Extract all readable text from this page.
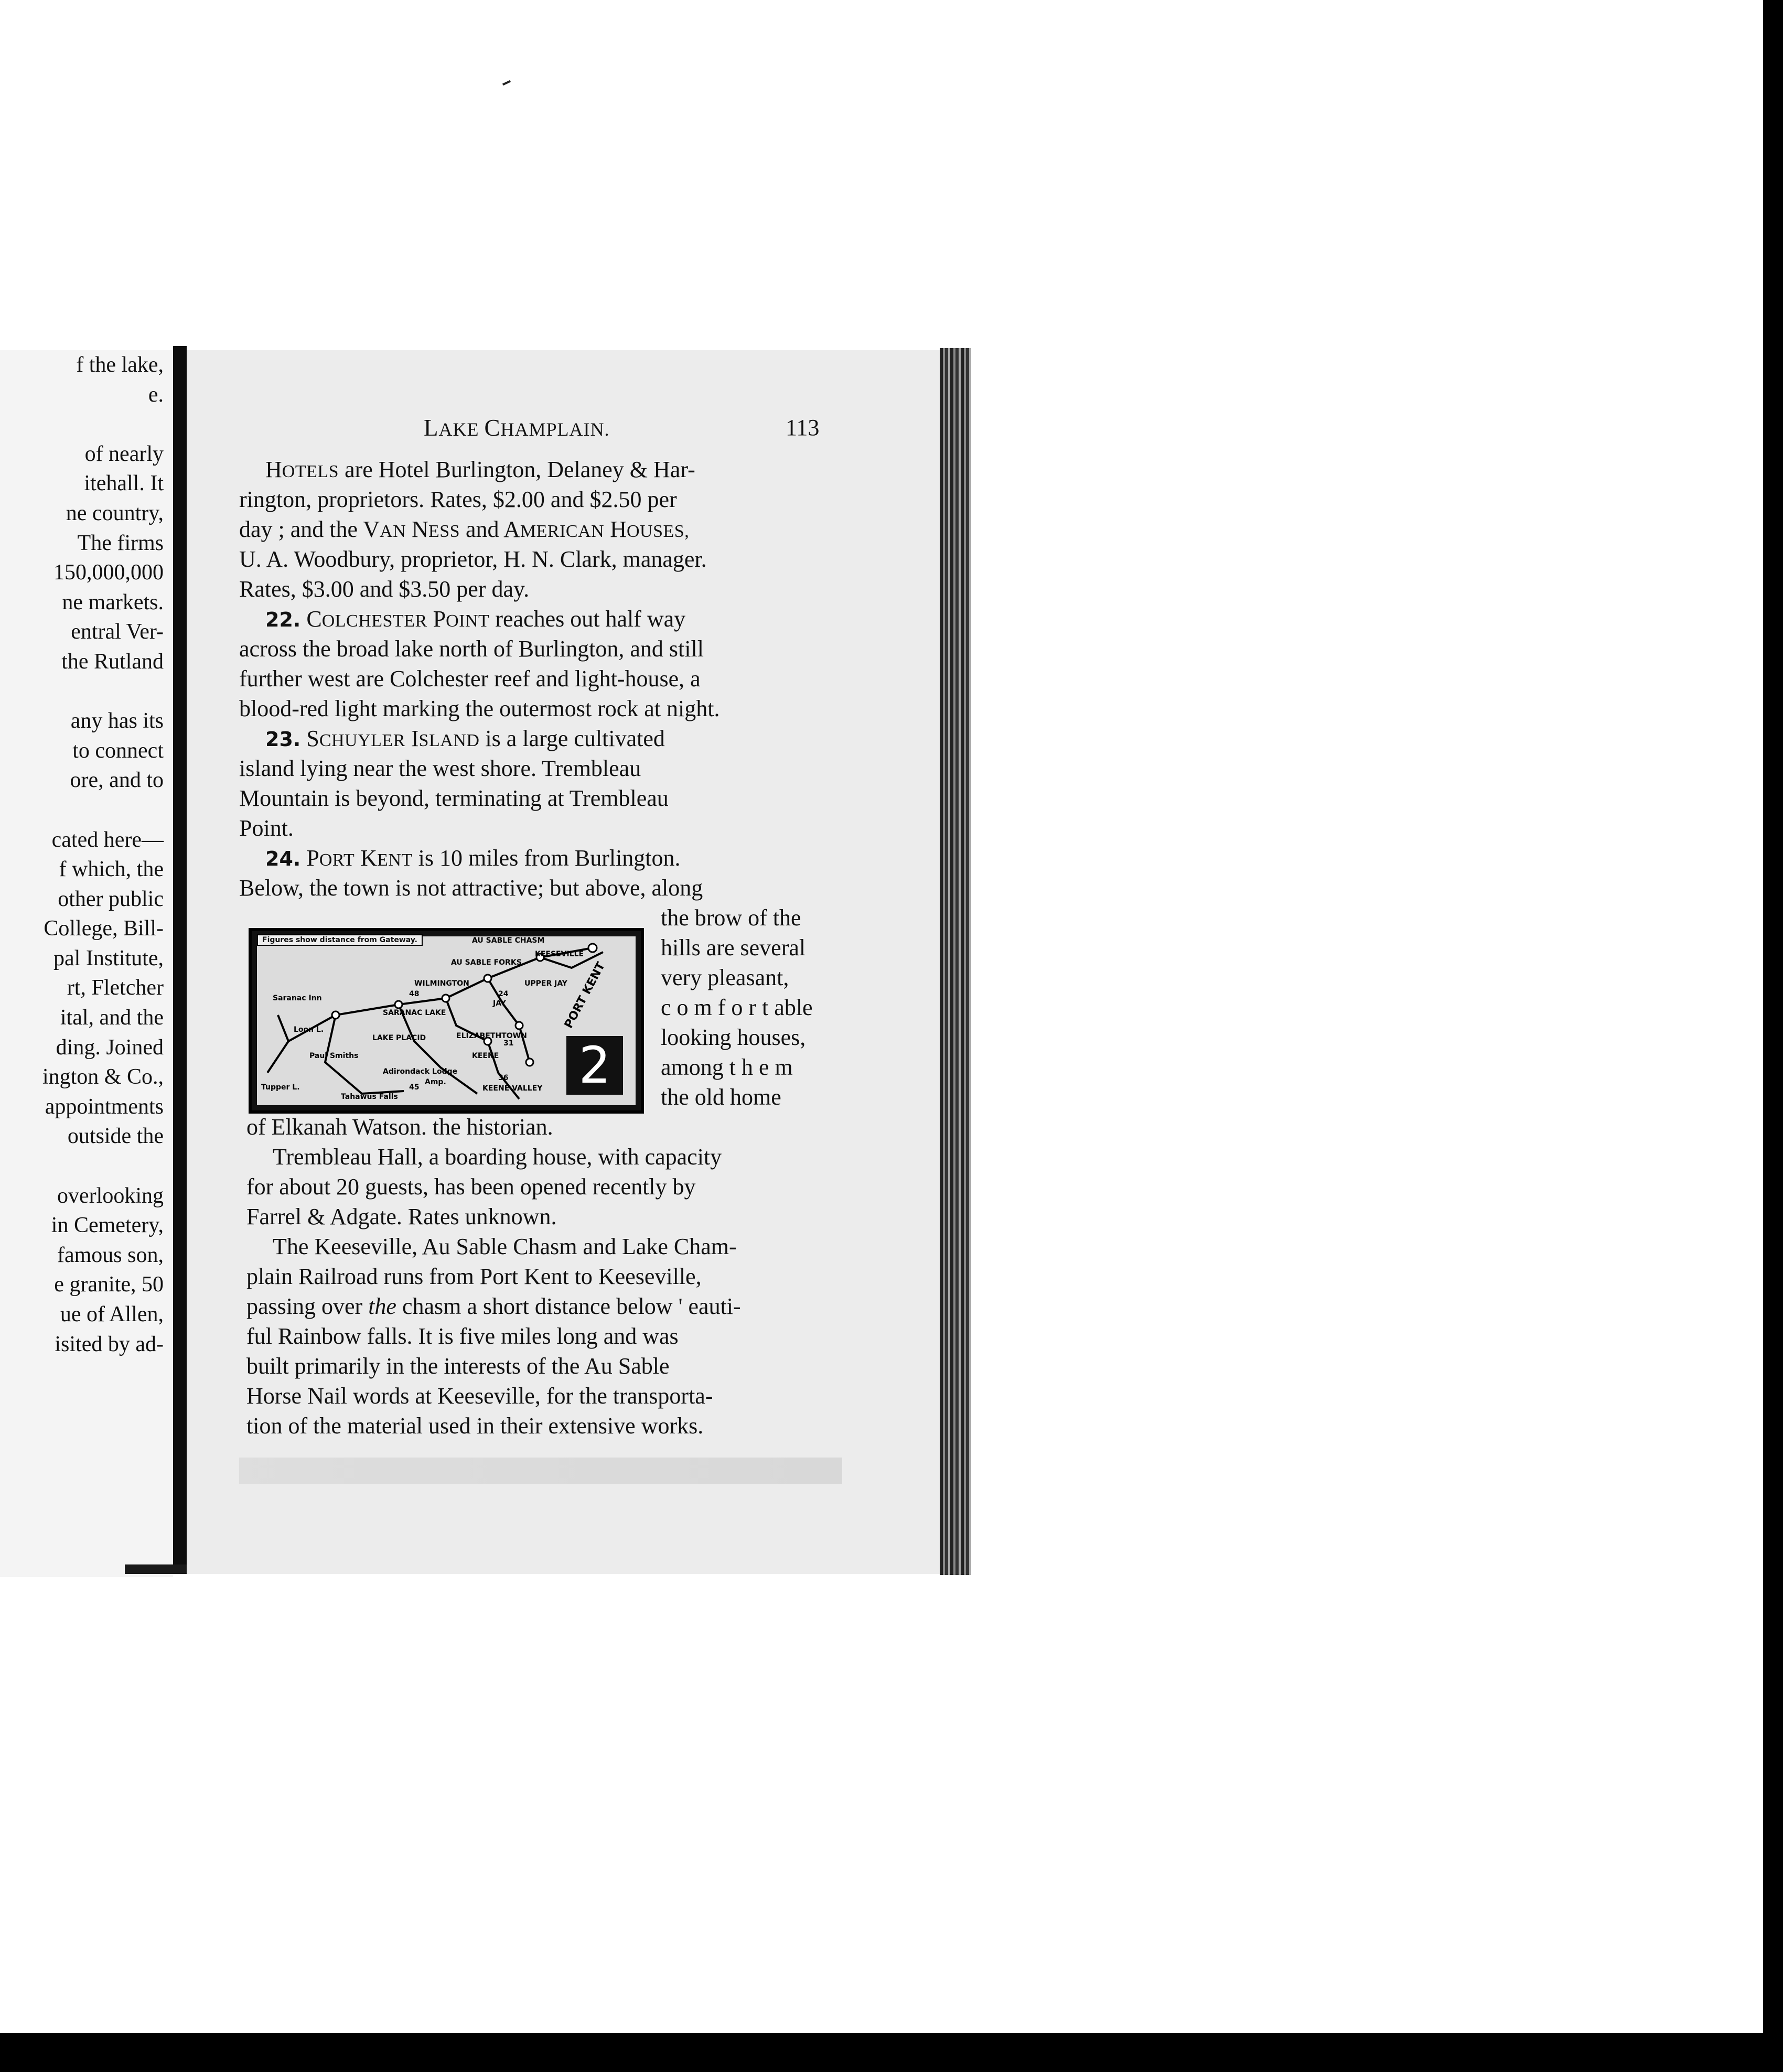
f the lake,
e.
of nearly
itehall. It
ne country,
The firms
150,000,000
ne markets.
entral Ver-
the Rutland
any has its
to connect
ore, and to
cated here—
f which, the
other public
College, Bill-
pal Institute,
rt, Fletcher
ital, and the
ding. Joined
ington & Co.,
appointments
outside the
overlooking
in Cemetery,
famous son,
e granite, 50
ue of Allen,
isited by ad-
LAKE CHAMPLAIN.	113
HOTELS are Hotel Burlington, Delaney & Har-
rington, proprietors. Rates, $2.00 and $2.50 per
day ; and the VAN NESS and AMERICAN HOUSES,
U. A. Woodbury, proprietor, H. N. Clark, manager.
Rates, $3.00 and $3.50 per day.
22. COLCHESTER POINT reaches out half way
across the broad lake north of Burlington, and still
further west are Colchester reef and light-house, a
blood-red light marking the outermost rock at night.
23. SCHUYLER ISLAND is a large cultivated
island lying near the west shore. Trembleau
Mountain is beyond, terminating at Trembleau
Point.
24. PORT KENT is 10 miles from Burlington.
Below, the town is not attractive; but above, along
the brow of the
hills are several
very pleasant,
c o m f o r t able
looking houses,
among t h e m
the old home
Figures show distance from Gateway.	AU SABLE CHASM
KEESEVILLE
AU SABLE FORKS
WILMINGTON	UPPER JAY
JAY
SARANAC LAKE
LAKE PLACID	ELIZABETHTOWN
KEENE
KEENE VALLEY
Saranac Inn
Tupper L.
Paul Smiths
Loon L.
Adirondack Lodge
Amp.
Tahawus Falls
48
45
36
31
24	PORT KENT
2
of Elkanah Watson. the historian.
Trembleau Hall, a boarding house, with capacity
for about 20 guests, has been opened recently by
Farrel & Adgate. Rates unknown.
The Keeseville, Au Sable Chasm and Lake Cham-
plain Railroad runs from Port Kent to Keeseville,
passing over the chasm a short distance below ' eauti-
ful Rainbow falls. It is five miles long and was
built primarily in the interests of the Au Sable
Horse Nail words at Keeseville, for the transporta-
tion of the material used in their extensive works.
